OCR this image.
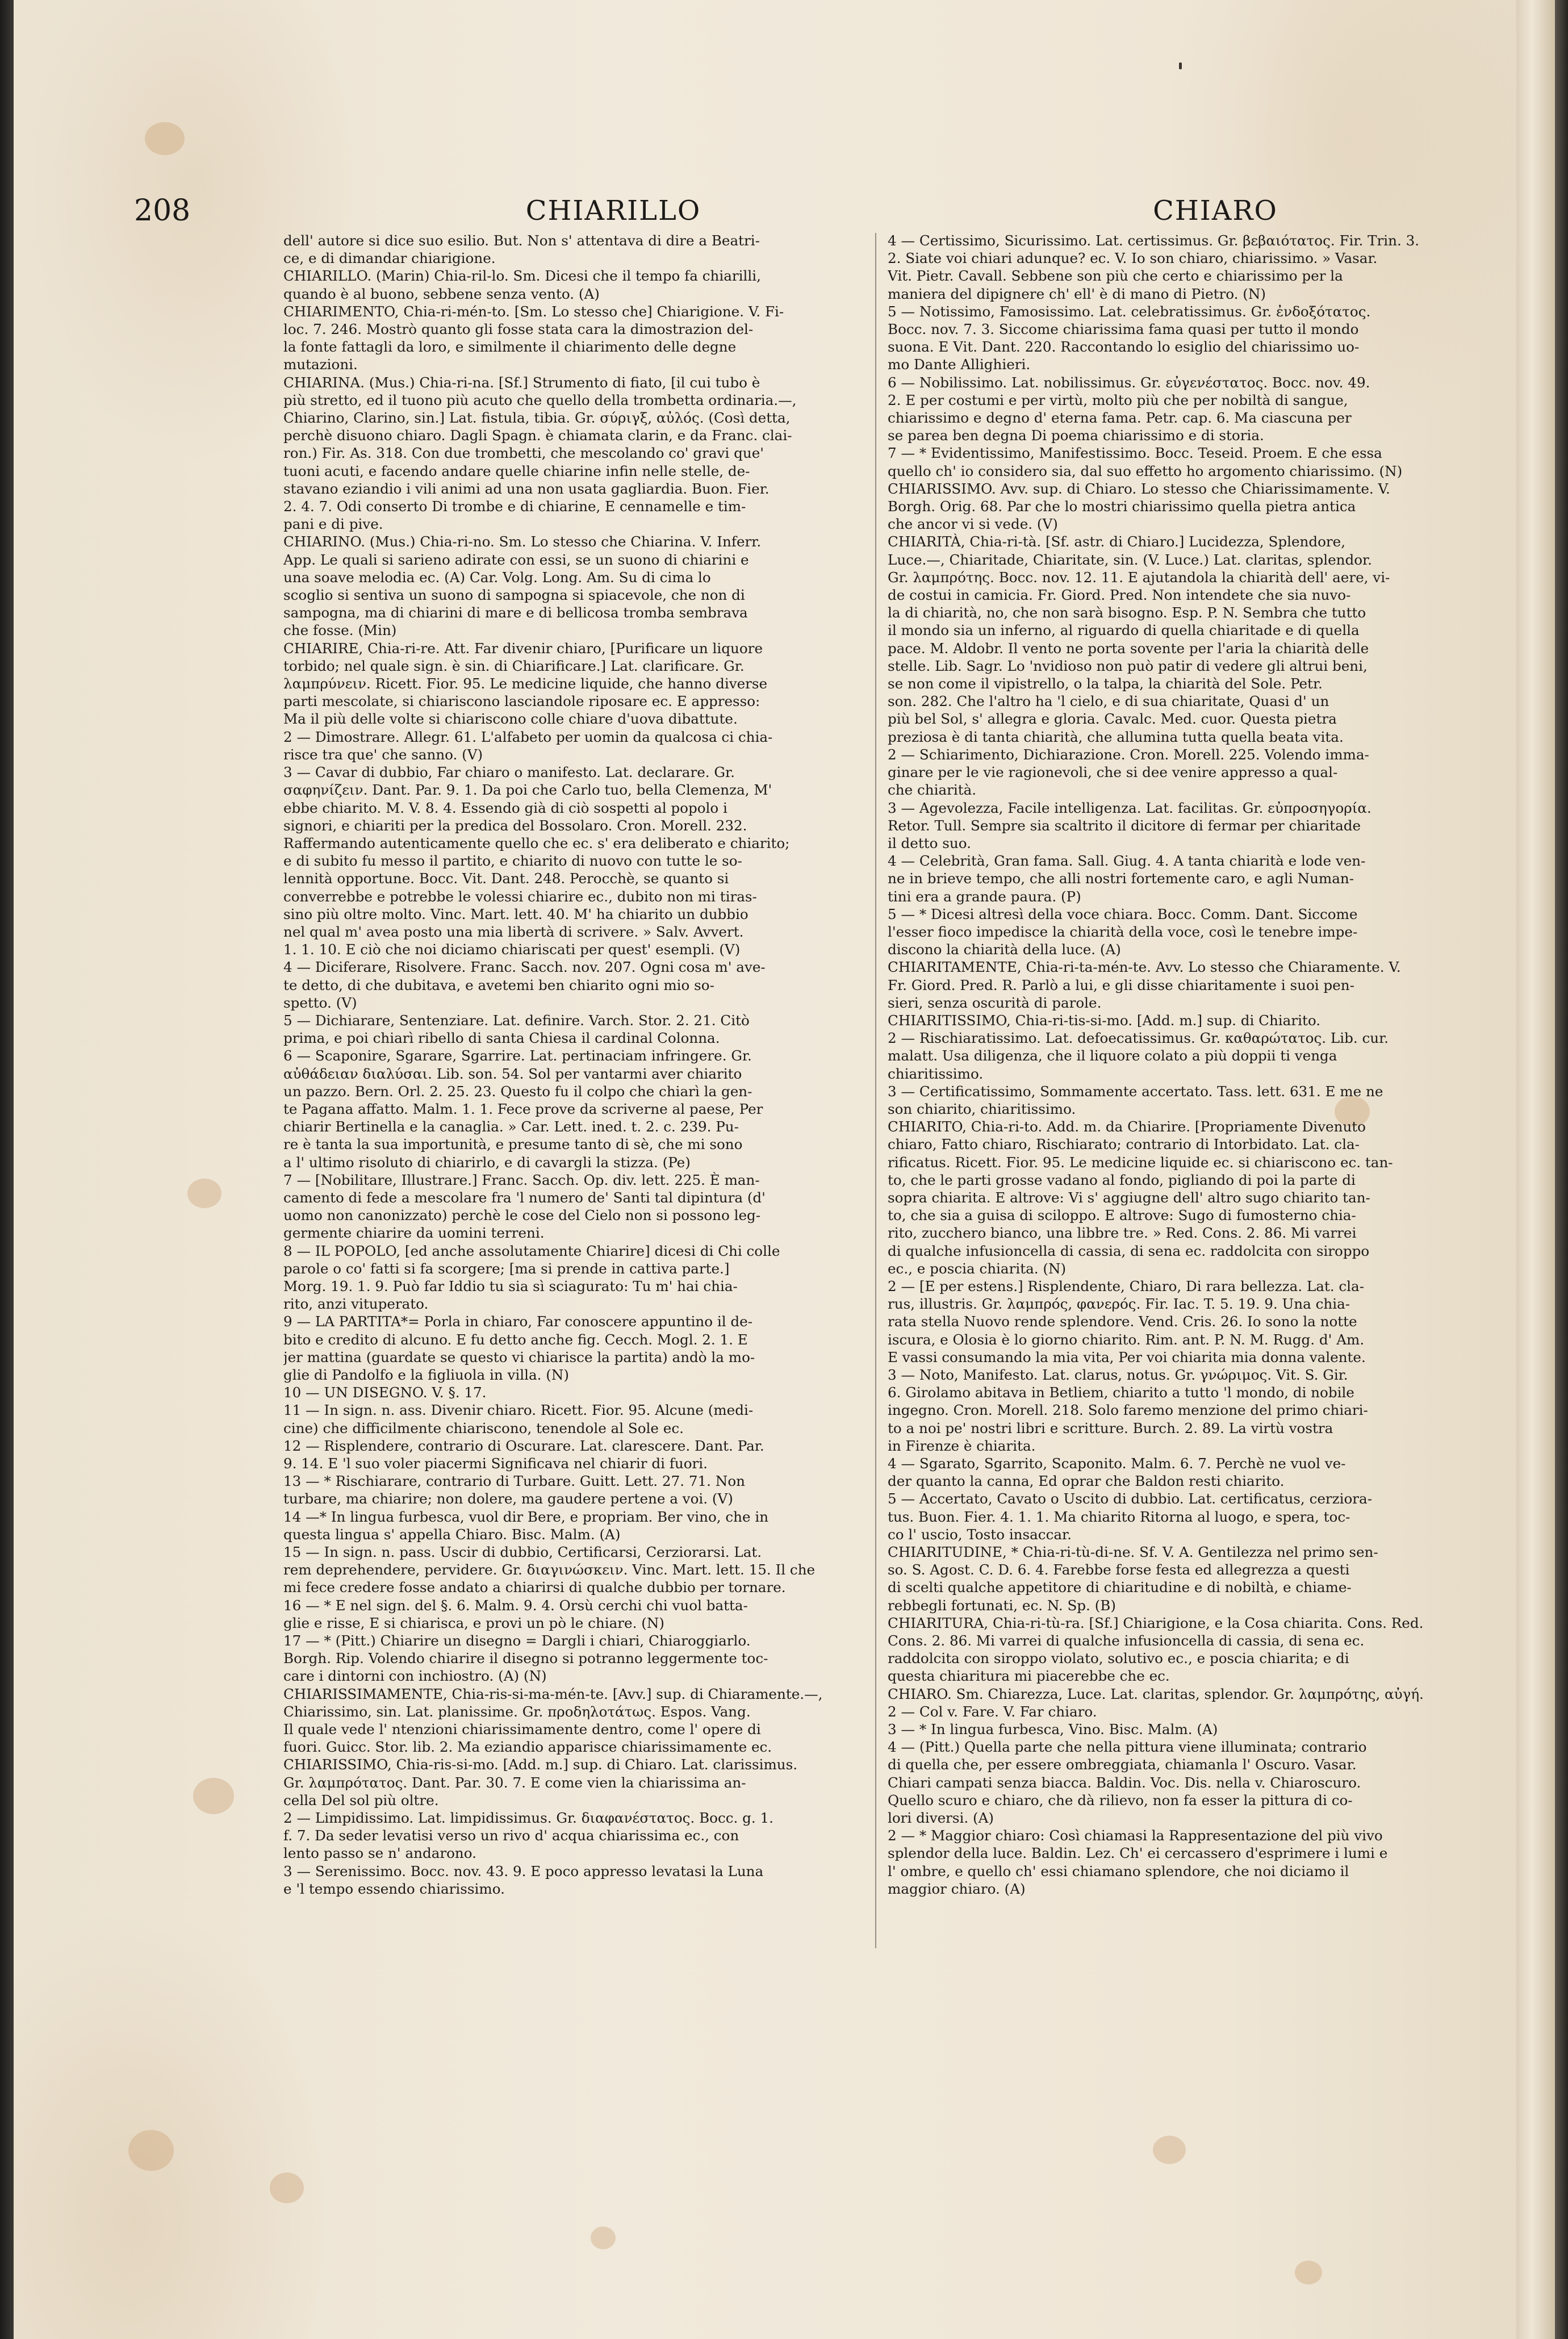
208	CHIARILLO	CHIARO
dell' autore si dice suo esilio. But. Non s' attentava di dire a Beatri-
ce, e di dimandar chiarigione.
CHIARILLO. (Marin) Chia-ril-lo. Sm. Dicesi che il tempo fa chiarilli,
quando è al buono, sebbene senza vento. (A)
CHIARIMENTO, Chia-ri-mén-to. [Sm. Lo stesso che] Chiarigione. V. Fi-
loc. 7. 246. Mostrò quanto gli fosse stata cara la dimostrazion del-
la fonte fattagli da loro, e similmente il chiarimento delle degne
mutazioni.
CHIARINA. (Mus.) Chia-ri-na. [Sf.] Strumento di fiato, [il cui tubo è
più stretto, ed il tuono più acuto che quello della trombetta ordinaria.—,
Chiarino, Clarino, sin.] Lat. fistula, tibia. Gr. σύριγξ, αὐλός. (Così detta,
perchè disuono chiaro. Dagli Spagn. è chiamata clarin, e da Franc. clai-
ron.) Fir. As. 318. Con due trombetti, che mescolando co' gravi que'
tuoni acuti, e facendo andare quelle chiarine infin nelle stelle, de-
stavano eziandio i vili animi ad una non usata gagliardia. Buon. Fier.
2. 4. 7. Odi conserto Di trombe e di chiarine, E cennamelle e tim-
pani e di pive.
CHIARINO. (Mus.) Chia-ri-no. Sm. Lo stesso che Chiarina. V. Inferr.
App. Le quali si sarieno adirate con essi, se un suono di chiarini e
una soave melodia ec. (A) Car. Volg. Long. Am. Su di cima lo
scoglio si sentiva un suono di sampogna si spiacevole, che non di
sampogna, ma di chiarini di mare e di bellicosa tromba sembrava
che fosse. (Min)
CHIARIRE, Chia-ri-re. Att. Far divenir chiaro, [Purificare un liquore
torbido; nel quale sign. è sin. di Chiarificare.] Lat. clarificare. Gr.
λαμπρύνειν. Ricett. Fior. 95. Le medicine liquide, che hanno diverse
parti mescolate, si chiariscono lasciandole riposare ec. E appresso:
Ma il più delle volte si chiariscono colle chiare d'uova dibattute.
2 — Dimostrare. Allegr. 61. L'alfabeto per uomin da qualcosa ci chia-
risce tra que' che sanno. (V)
3 — Cavar di dubbio, Far chiaro o manifesto. Lat. declarare. Gr.
σαφηνίζειν. Dant. Par. 9. 1. Da poi che Carlo tuo, bella Clemenza, M'
ebbe chiarito. M. V. 8. 4. Essendo già di ciò sospetti al popolo i
signori, e chiariti per la predica del Bossolaro. Cron. Morell. 232.
Raffermando autenticamente quello che ec. s' era deliberato e chiarito;
e di subito fu messo il partito, e chiarito di nuovo con tutte le so-
lennità opportune. Bocc. Vit. Dant. 248. Perocchè, se quanto si
converrebbe e potrebbe le volessi chiarire ec., dubito non mi tiras-
sino più oltre molto. Vinc. Mart. lett. 40. M' ha chiarito un dubbio
nel qual m' avea posto una mia libertà di scrivere. » Salv. Avvert.
1. 1. 10. E ciò che noi diciamo chiariscati per quest' esempli. (V)
4 — Diciferare, Risolvere. Franc. Sacch. nov. 207. Ogni cosa m' ave-
te detto, di che dubitava, e avetemi ben chiarito ogni mio so-
spetto. (V)
5 — Dichiarare, Sentenziare. Lat. definire. Varch. Stor. 2. 21. Citò
prima, e poi chiarì ribello di santa Chiesa il cardinal Colonna.
6 — Scaponire, Sgarare, Sgarrire. Lat. pertinaciam infringere. Gr.
αὐθάδειαν διαλύσαι. Lib. son. 54. Sol per vantarmi aver chiarito
un pazzo. Bern. Orl. 2. 25. 23. Questo fu il colpo che chiarì la gen-
te Pagana affatto. Malm. 1. 1. Fece prove da scriverne al paese, Per
chiarir Bertinella e la canaglia. » Car. Lett. ined. t. 2. c. 239. Pu-
re è tanta la sua importunità, e presume tanto di sè, che mi sono
a l' ultimo risoluto di chiarirlo, e di cavargli la stizza. (Pe)
7 — [Nobilitare, Illustrare.] Franc. Sacch. Op. div. lett. 225. È man-
camento di fede a mescolare fra 'l numero de' Santi tal dipintura (d'
uomo non canonizzato) perchè le cose del Cielo non si possono leg-
germente chiarire da uomini terreni.
8 — IL POPOLO, [ed anche assolutamente Chiarire] dicesi di Chi colle
parole o co' fatti si fa scorgere; [ma si prende in cattiva parte.]
Morg. 19. 1. 9. Può far Iddio tu sia sì sciagurato: Tu m' hai chia-
rito, anzi vituperato.
9 — LA PARTITA*= Porla in chiaro, Far conoscere appuntino il de-
bito e credito di alcuno. E fu detto anche fig. Cecch. Mogl. 2. 1. E
jer mattina (guardate se questo vi chiarisce la partita) andò la mo-
glie di Pandolfo e la figliuola in villa. (N)
10 — UN DISEGNO. V. §. 17.
11 — In sign. n. ass. Divenir chiaro. Ricett. Fior. 95. Alcune (medi-
cine) che difficilmente chiariscono, tenendole al Sole ec.
12 — Risplendere, contrario di Oscurare. Lat. clarescere. Dant. Par.
9. 14. E 'l suo voler piacermi Significava nel chiarir di fuori.
13 — * Rischiarare, contrario di Turbare. Guitt. Lett. 27. 71. Non
turbare, ma chiarire; non dolere, ma gaudere pertene a voi. (V)
14 —* In lingua furbesca, vuol dir Bere, e propriam. Ber vino, che in
questa lingua s' appella Chiaro. Bisc. Malm. (A)
15 — In sign. n. pass. Uscir di dubbio, Certificarsi, Cerziorarsi. Lat.
rem deprehendere, pervidere. Gr. διαγινώσκειν. Vinc. Mart. lett. 15. Il che
mi fece credere fosse andato a chiarirsi di qualche dubbio per tornare.
16 — * E nel sign. del §. 6. Malm. 9. 4. Orsù cerchi chi vuol batta-
glie e risse, E si chiarisca, e provi un pò le chiare. (N)
17 — * (Pitt.) Chiarire un disegno = Dargli i chiari, Chiaroggiarlo.
Borgh. Rip. Volendo chiarire il disegno si potranno leggermente toc-
care i dintorni con inchiostro. (A) (N)
CHIARISSIMAMENTE, Chia-ris-si-ma-mén-te. [Avv.] sup. di Chiaramente.—,
Chiarissimo, sin. Lat. planissime. Gr. προδηλοτάτως. Espos. Vang.
Il quale vede l' ntenzioni chiarissimamente dentro, come l' opere di
fuori. Guicc. Stor. lib. 2. Ma eziandio apparisce chiarissimamente ec.
CHIARISSIMO, Chia-ris-si-mo. [Add. m.] sup. di Chiaro. Lat. clarissimus.
Gr. λαμπρότατος. Dant. Par. 30. 7. E come vien la chiarissima an-
cella Del sol più oltre.
2 — Limpidissimo. Lat. limpidissimus. Gr. διαφανέστατος. Bocc. g. 1.
f. 7. Da seder levatisi verso un rivo d' acqua chiarissima ec., con
lento passo se n' andarono.
3 — Serenissimo. Bocc. nov. 43. 9. E poco appresso levatasi la Luna
e 'l tempo essendo chiarissimo.
4 — Certissimo, Sicurissimo. Lat. certissimus. Gr. βεβαιότατος. Fir. Trin. 3.
2. Siate voi chiari adunque? ec. V. Io son chiaro, chiarissimo. » Vasar.
Vit. Pietr. Cavall. Sebbene son più che certo e chiarissimo per la
maniera del dipignere ch' ell' è di mano di Pietro. (N)
5 — Notissimo, Famosissimo. Lat. celebratissimus. Gr. ἐνδοξότατος.
Bocc. nov. 7. 3. Siccome chiarissima fama quasi per tutto il mondo
suona. E Vit. Dant. 220. Raccontando lo esiglio del chiarissimo uo-
mo Dante Allighieri.
6 — Nobilissimo. Lat. nobilissimus. Gr. εὐγενέστατος. Bocc. nov. 49.
2. E per costumi e per virtù, molto più che per nobiltà di sangue,
chiarissimo e degno d' eterna fama. Petr. cap. 6. Ma ciascuna per
se parea ben degna Di poema chiarissimo e di storia.
7 — * Evidentissimo, Manifestissimo. Bocc. Teseid. Proem. E che essa
quello ch' io considero sia, dal suo effetto ho argomento chiarissimo. (N)
CHIARISSIMO. Avv. sup. di Chiaro. Lo stesso che Chiarissimamente. V.
Borgh. Orig. 68. Par che lo mostri chiarissimo quella pietra antica
che ancor vi si vede. (V)
CHIARITÀ, Chia-ri-tà. [Sf. astr. di Chiaro.] Lucidezza, Splendore,
Luce.—, Chiaritade, Chiaritate, sin. (V. Luce.) Lat. claritas, splendor.
Gr. λαμπρότης. Bocc. nov. 12. 11. E ajutandola la chiarità dell' aere, vi-
de costui in camicia. Fr. Giord. Pred. Non intendete che sia nuvo-
la di chiarità, no, che non sarà bisogno. Esp. P. N. Sembra che tutto
il mondo sia un inferno, al riguardo di quella chiaritade e di quella
pace. M. Aldobr. Il vento ne porta sovente per l'aria la chiarità delle
stelle. Lib. Sagr. Lo 'nvidioso non può patir di vedere gli altrui beni,
se non come il vipistrello, o la talpa, la chiarità del Sole. Petr.
son. 282. Che l'altro ha 'l cielo, e di sua chiaritate, Quasi d' un
più bel Sol, s' allegra e gloria. Cavalc. Med. cuor. Questa pietra
preziosa è di tanta chiarità, che allumina tutta quella beata vita.
2 — Schiarimento, Dichiarazione. Cron. Morell. 225. Volendo imma-
ginare per le vie ragionevoli, che si dee venire appresso a qual-
che chiarità.
3 — Agevolezza, Facile intelligenza. Lat. facilitas. Gr. εὐπροσηγορία.
Retor. Tull. Sempre sia scaltrito il dicitore di fermar per chiaritade
il detto suo.
4 — Celebrità, Gran fama. Sall. Giug. 4. A tanta chiarità e lode ven-
ne in brieve tempo, che alli nostri fortemente caro, e agli Numan-
tini era a grande paura. (P)
5 — * Dicesi altresì della voce chiara. Bocc. Comm. Dant. Siccome
l'esser fioco impedisce la chiarità della voce, così le tenebre impe-
discono la chiarità della luce. (A)
CHIARITAMENTE, Chia-ri-ta-mén-te. Avv. Lo stesso che Chiaramente. V.
Fr. Giord. Pred. R. Parlò a lui, e gli disse chiaritamente i suoi pen-
sieri, senza oscurità di parole.
CHIARITISSIMO, Chia-ri-tis-si-mo. [Add. m.] sup. di Chiarito.
2 — Rischiaratissimo. Lat. defoecatissimus. Gr. καθαρώτατος. Lib. cur.
malatt. Usa diligenza, che il liquore colato a più doppii ti venga
chiaritissimo.
3 — Certificatissimo, Sommamente accertato. Tass. lett. 631. E me ne
son chiarito, chiaritissimo.
CHIARITO, Chia-ri-to. Add. m. da Chiarire. [Propriamente Divenuto
chiaro, Fatto chiaro, Rischiarato; contrario di Intorbidato. Lat. cla-
rificatus. Ricett. Fior. 95. Le medicine liquide ec. si chiariscono ec. tan-
to, che le parti grosse vadano al fondo, pigliando di poi la parte di
sopra chiarita. E altrove: Vi s' aggiugne dell' altro sugo chiarito tan-
to, che sia a guisa di sciloppo. E altrove: Sugo di fumosterno chia-
rito, zucchero bianco, una libbre tre. » Red. Cons. 2. 86. Mi varrei
di qualche infusioncella di cassia, di sena ec. raddolcita con siroppo
ec., e poscia chiarita. (N)
2 — [E per estens.] Risplendente, Chiaro, Di rara bellezza. Lat. cla-
rus, illustris. Gr. λαμπρός, φανερός. Fir. Iac. T. 5. 19. 9. Una chia-
rata stella Nuovo rende splendore. Vend. Cris. 26. Io sono la notte
iscura, e Olosia è lo giorno chiarito. Rim. ant. P. N. M. Rugg. d' Am.
E vassi consumando la mia vita, Per voi chiarita mia donna valente.
3 — Noto, Manifesto. Lat. clarus, notus. Gr. γνώριμος. Vit. S. Gir.
6. Girolamo abitava in Betliem, chiarito a tutto 'l mondo, di nobile
ingegno. Cron. Morell. 218. Solo faremo menzione del primo chiari-
to a noi pe' nostri libri e scritture. Burch. 2. 89. La virtù vostra
in Firenze è chiarita.
4 — Sgarato, Sgarrito, Scaponito. Malm. 6. 7. Perchè ne vuol ve-
der quanto la canna, Ed oprar che Baldon resti chiarito.
5 — Accertato, Cavato o Uscito di dubbio. Lat. certificatus, cerziora-
tus. Buon. Fier. 4. 1. 1. Ma chiarito Ritorna al luogo, e spera, toc-
co l' uscio, Tosto insaccar.
CHIARITUDINE, * Chia-ri-tù-di-ne. Sf. V. A. Gentilezza nel primo sen-
so. S. Agost. C. D. 6. 4. Farebbe forse festa ed allegrezza a questi
di scelti qualche appetitore di chiaritudine e di nobiltà, e chiame-
rebbegli fortunati, ec. N. Sp. (B)
CHIARITURA, Chia-ri-tù-ra. [Sf.] Chiarigione, e la Cosa chiarita. Cons. Red.
Cons. 2. 86. Mi varrei di qualche infusioncella di cassia, di sena ec.
raddolcita con siroppo violato, solutivo ec., e poscia chiarita; e di
questa chiaritura mi piacerebbe che ec.
CHIARO. Sm. Chiarezza, Luce. Lat. claritas, splendor. Gr. λαμπρότης, αὐγή.
2 — Col v. Fare. V. Far chiaro.
3 — * In lingua furbesca, Vino. Bisc. Malm. (A)
4 — (Pitt.) Quella parte che nella pittura viene illuminata; contrario
di quella che, per essere ombreggiata, chiamanla l' Oscuro. Vasar.
Chiari campati senza biacca. Baldin. Voc. Dis. nella v. Chiaroscuro.
Quello scuro e chiaro, che dà rilievo, non fa esser la pittura di co-
lori diversi. (A)
2 — * Maggior chiaro: Così chiamasi la Rappresentazione del più vivo
splendor della luce. Baldin. Lez. Ch' ei cercassero d'esprimere i lumi e
l' ombre, e quello ch' essi chiamano splendore, che noi diciamo il
maggior chiaro. (A)
